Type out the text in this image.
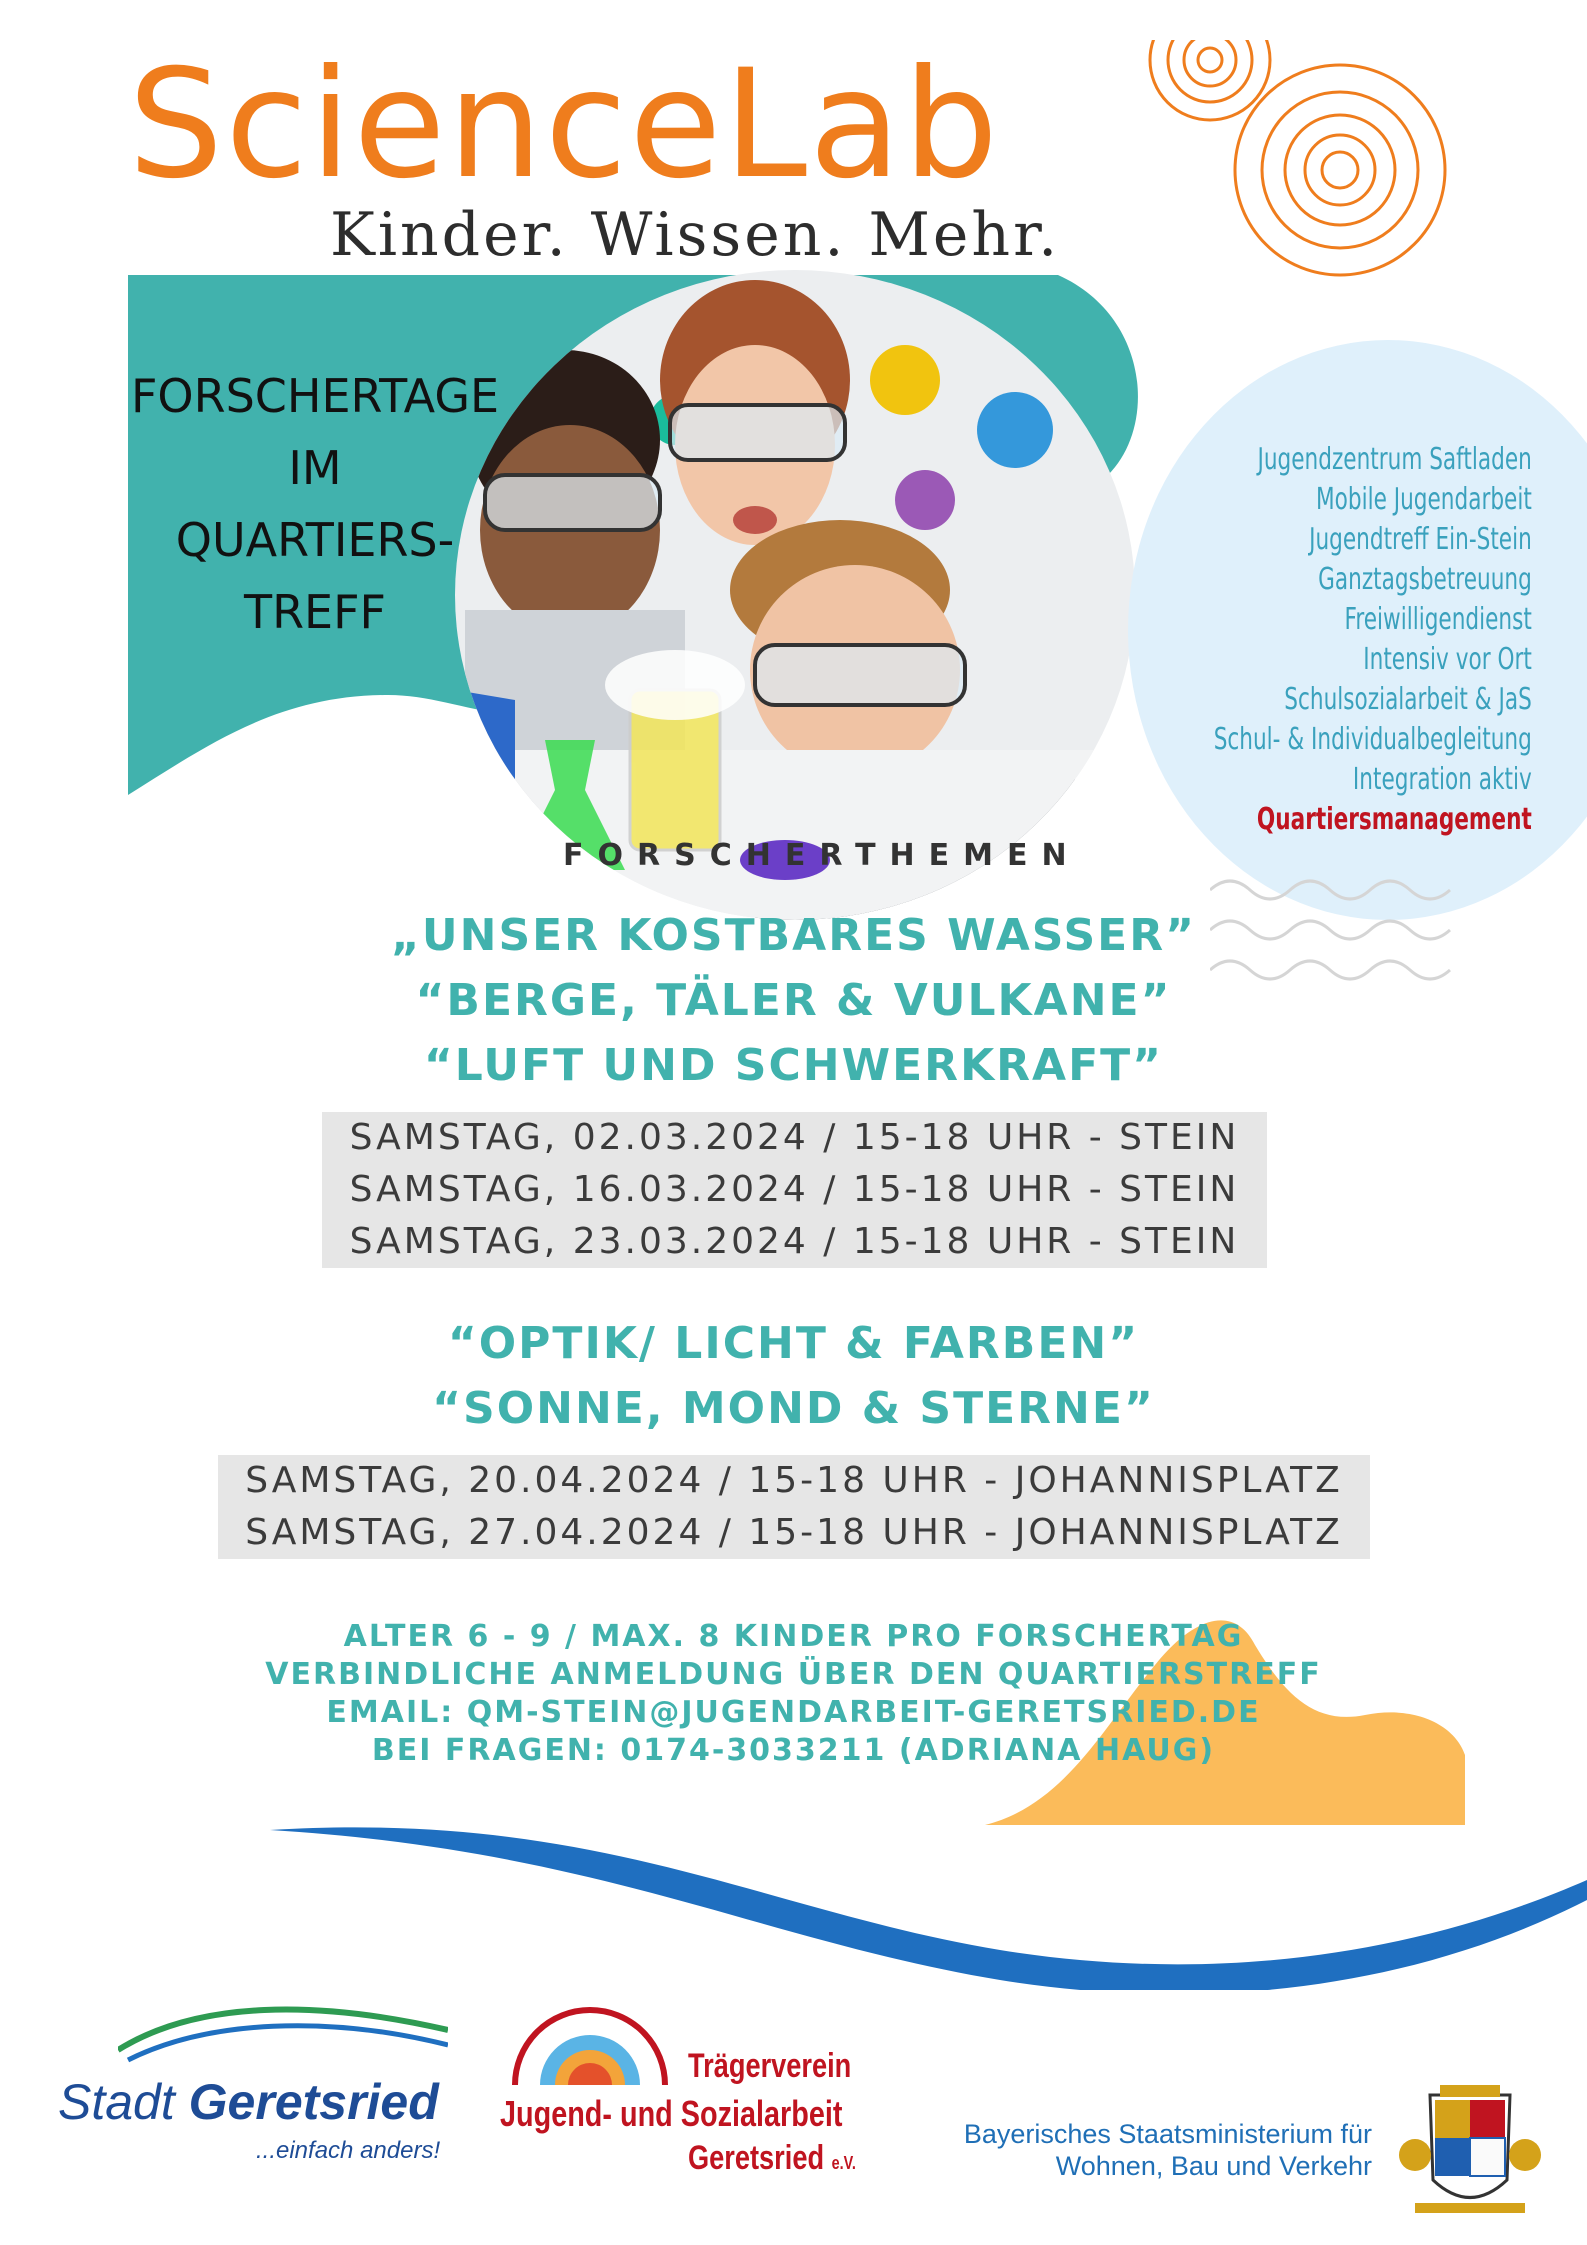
ScienceLab
Kinder. Wissen. Mehr.
FORSCHERTAGE
IM
QUARTIERS-
TREFF
Jugendzentrum Saftladen
Mobile Jugendarbeit
Jugendtreff Ein-Stein
Ganztagsbetreuung
Freiwilligendienst
Intensiv vor Ort
Schulsozialarbeit & JaS
Schul- & Individualbegleitung
Integration aktiv
Quartiersmanagement
FORSCHERTHEMEN
„UNSER KOSTBARES WASSER”
“BERGE, TÄLER & VULKANE”
“LUFT UND SCHWERKRAFT”
SAMSTAG, 02.03.2024 / 15-18 UHR - STEIN
SAMSTAG, 16.03.2024 / 15-18 UHR - STEIN
SAMSTAG, 23.03.2024 / 15-18 UHR - STEIN
“OPTIK/ LICHT & FARBEN”
“SONNE, MOND & STERNE”
SAMSTAG, 20.04.2024 / 15-18 UHR - JOHANNISPLATZ
SAMSTAG, 27.04.2024 / 15-18 UHR - JOHANNISPLATZ
ALTER 6 - 9 / MAX. 8 KINDER PRO FORSCHERTAG
VERBINDLICHE ANMELDUNG ÜBER DEN QUARTIERSTREFF
EMAIL: QM-STEIN@JUGENDARBEIT-GERETSRIED.DE
BEI FRAGEN: 0174-3033211 (ADRIANA HAUG)
Stadt Geretsried
...einfach anders!
Trägerverein
Jugend- und Sozialarbeit
Geretsried e.V.
Bayerisches Staatsministerium für
Wohnen, Bau und Verkehr
